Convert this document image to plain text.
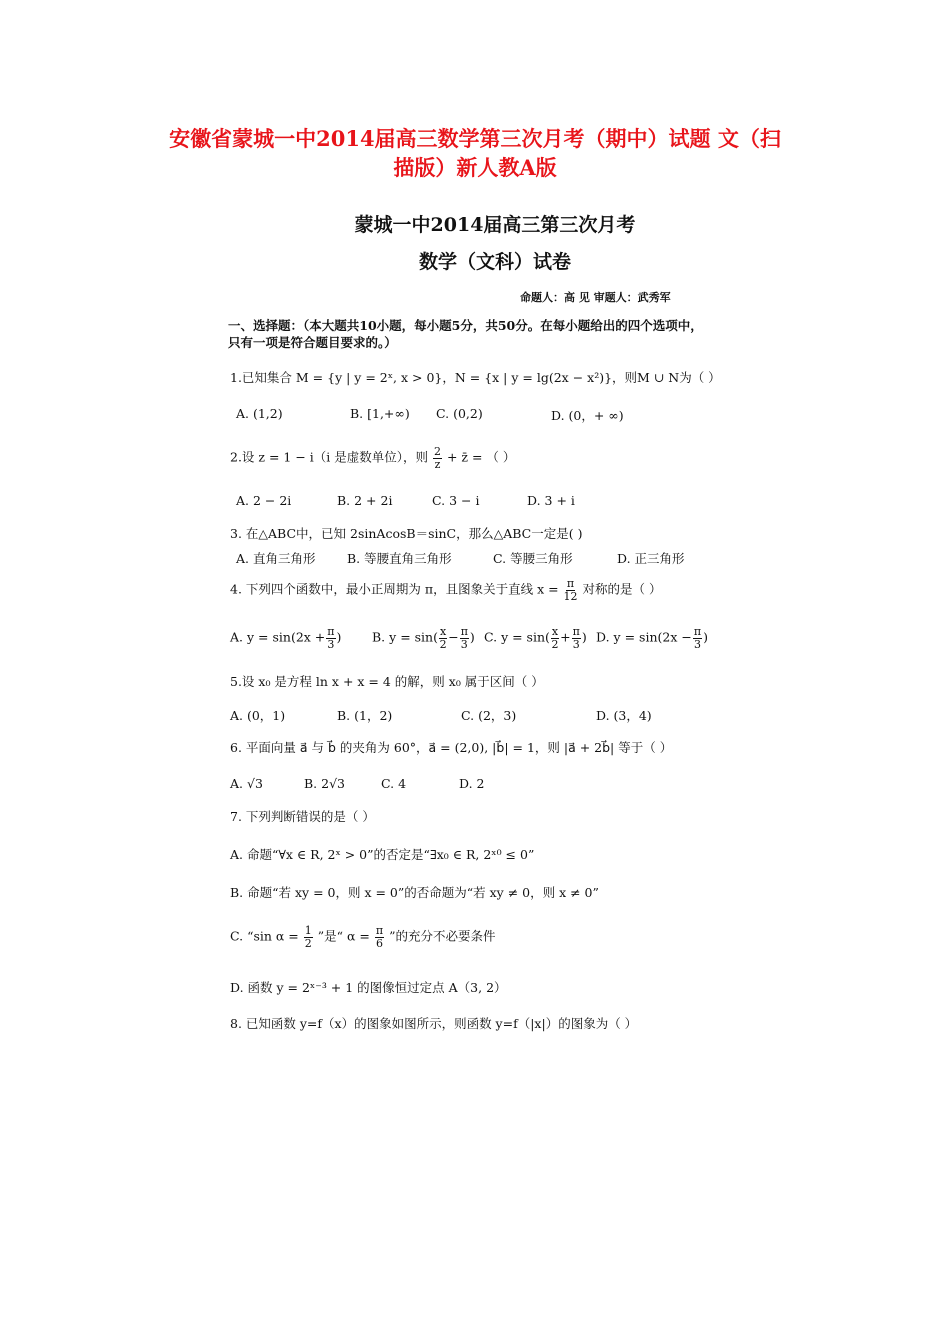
安徽省蒙城一中2014届高三数学第三次月考（期中）试题 文（扫
描版）新人教A版
蒙城一中2014届高三第三次月考
数学（文科）试卷
命题人：高 见 审题人：武秀军
一、选择题：（本大题共10小题，每小题5分，共50分。在每小题给出的四个选项中，
只有一项是符合题目要求的。）
1.已知集合 M = {y | y = 2ˣ, x > 0}，N = {x | y = lg(2x − x²)}，则M ∪ N为（ ）
A. (1,2)	B. [1,+∞) C. (0,2)	D. (0，+ ∞)
2.设 z = 1 − i（i 是虚数单位），则 $\frac{2}{z}$ + z̄ = （ ）
A. 2 − 2i	B. 2 + 2i	C. 3 − i	D. 3 + i
3. 在△ABC中，已知 2sinAcosB＝sinC，那么△ABC一定是( )
A. 直角三角形	B. 等腰直角三角形	C. 等腰三角形	D. 正三角形
4. 下列四个函数中，最小正周期为 π，且图象关于直线 $x = \frac{\pi}{12}$ 对称的是（ ）
A. $y = \sin(2x + \frac{\pi}{3}$ ) B. $y = \sin( \frac{x}{2} - \frac{\pi}{3}$ ) C. $y = \sin( \frac{x}{2} + \frac{\pi}{3}$ ) D. $y = \sin(2x - \frac{\pi}{3}$ )
5.设 x₀ 是方程 ln x + x = 4 的解，则 x₀ 属于区间（ ）
A. (0，1)	B. (1，2)	C. (2，3)	D. (3，4)
6. 平面向量 a⃗ 与 b⃗ 的夹角为 60°，a⃗ = (2,0), |b⃗| = 1，则 |a⃗ + 2b⃗| 等于（ ）
A. √3	B. 2√3	C. 4	D. 2
7. 下列判断错误的是（ ）
A. 命题“∀x ∈ R, 2ˣ > 0”的否定是“∃x₀ ∈ R, 2ˣ⁰ ≤ 0”
B. 命题“若 xy = 0，则 x = 0”的否命题为“若 xy ≠ 0，则 x ≠ 0”
C. “sin $\alpha = \frac{1}{2}$ ”是“ $\alpha = \frac{\pi}{6}$ ”的充分不必要条件
D. 函数 y = 2ˣ⁻³ + 1 的图像恒过定点 A（3, 2）
8. 已知函数 y=f（x）的图象如图所示，则函数 y=f（|x|）的图象为（ ）
